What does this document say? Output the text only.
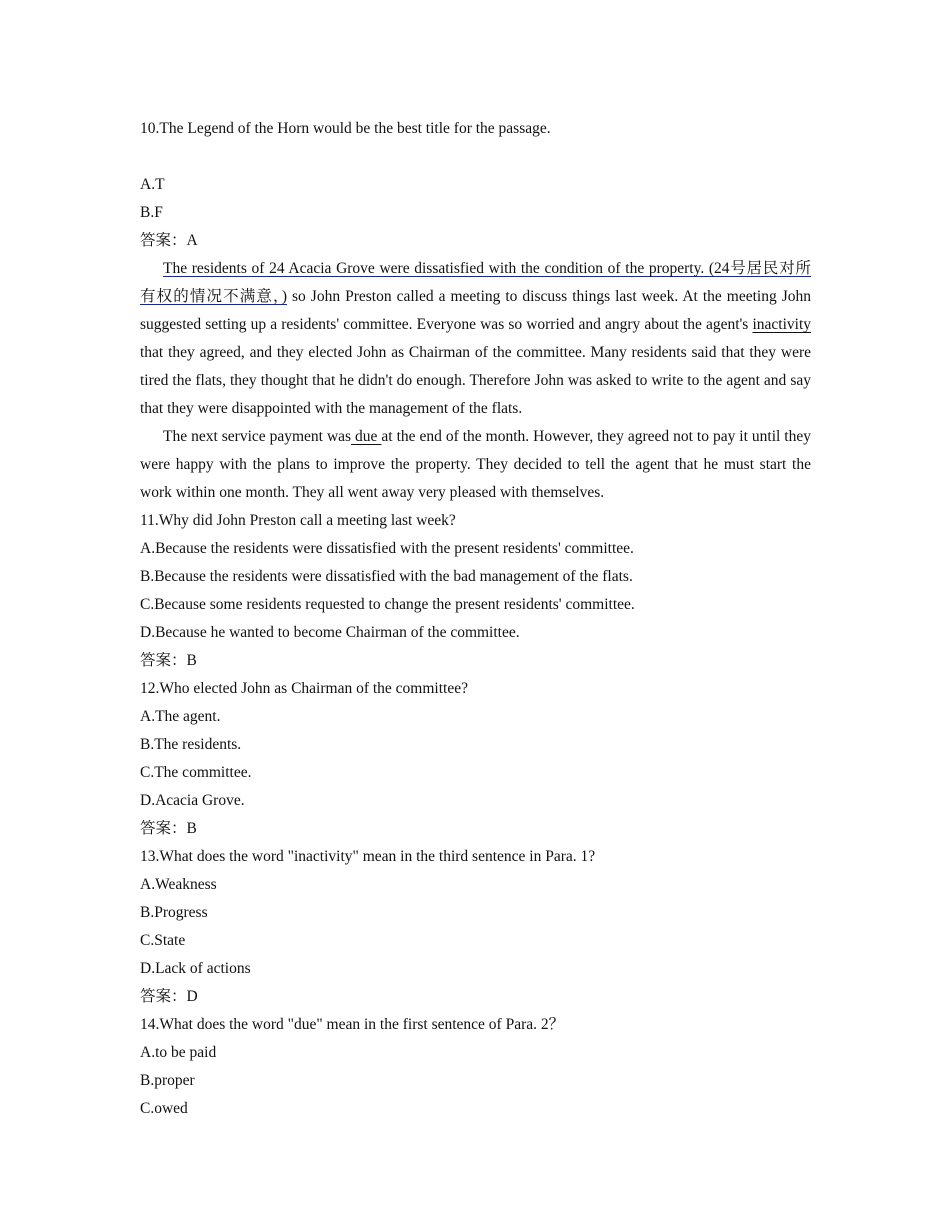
10.The Legend of the Horn would be the best title for the passage.
A.T
B.F
答案：A

The residents of 24 Acacia Grove were dissatisfied with the condition of the property. (24号居民对所有权的情况不满意，) so John Preston called a meeting to discuss things last week. At the meeting John suggested setting up a residents' committee. Everyone was so worried and angry about the agent's inactivity that they agreed, and they elected John as Chairman of the committee. Many residents said that they were tired the flats, they thought that he didn't do enough. Therefore John was asked to write to the agent and say that they were disappointed with the management of the flats.

The next service payment was due at the end of the month. However, they agreed not to pay it until they were happy with the plans to improve the property. They decided to tell the agent that he must start the work within one month. They all went away very pleased with themselves.

11.Why did John Preston call a meeting last week?
A.Because the residents were dissatisfied with the present residents' committee.
B.Because the residents were dissatisfied with the bad management of the flats.
C.Because some residents requested to change the present residents' committee.
D.Because he wanted to become Chairman of the committee.
答案：B
12.Who elected John as Chairman of the committee?
A.The agent.
B.The residents.
C.The committee.
D.Acacia Grove.
答案：B
13.What does the word "inactivity" mean in the third sentence in Para. 1?
A.Weakness
B.Progress
C.State
D.Lack of actions
答案：D
14.What does the word "due" mean in the first sentence of Para. 2？
A.to be paid
B.proper
C.owed
